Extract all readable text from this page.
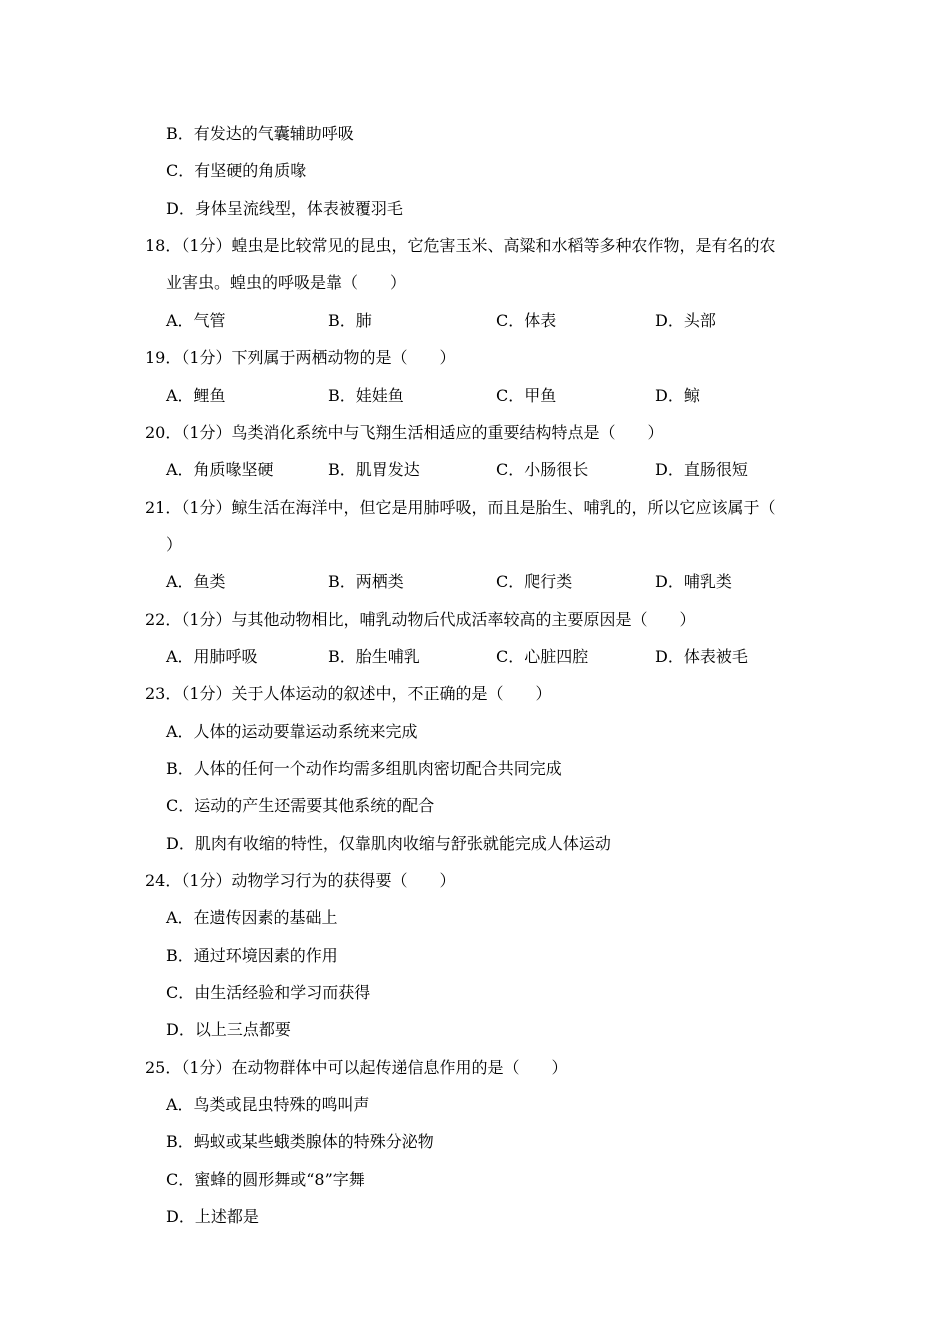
B．有发达的气囊辅助呼吸
C．有坚硬的角质喙
D．身体呈流线型，体表被覆羽毛
18．（1分）蝗虫是比较常见的昆虫，它危害玉米、高粱和水稻等多种农作物，是有名的农
业害虫。蝗虫的呼吸是靠（　　）
A．气管	B．肺	C．体表	D．头部
19．（1分）下列属于两栖动物的是（　　）
A．鲤鱼	B．娃娃鱼	C．甲鱼	D．鲸
20．（1分）鸟类消化系统中与飞翔生活相适应的重要结构特点是（　　）
A．角质喙坚硬	B．肌胃发达	C．小肠很长	D．直肠很短
21．（1分）鲸生活在海洋中，但它是用肺呼吸，而且是胎生、哺乳的，所以它应该属于（
）
A．鱼类	B．两栖类	C．爬行类	D．哺乳类
22．（1分）与其他动物相比，哺乳动物后代成活率较高的主要原因是（　　）
A．用肺呼吸	B．胎生哺乳	C．心脏四腔	D．体表被毛
23．（1分）关于人体运动的叙述中，不正确的是（　　）
A．人体的运动要靠运动系统来完成
B．人体的任何一个动作均需多组肌肉密切配合共同完成
C．运动的产生还需要其他系统的配合
D．肌肉有收缩的特性，仅靠肌肉收缩与舒张就能完成人体运动
24．（1分）动物学习行为的获得要（　　）
A．在遗传因素的基础上
B．通过环境因素的作用
C．由生活经验和学习而获得
D．以上三点都要
25．（1分）在动物群体中可以起传递信息作用的是（　　）
A．鸟类或昆虫特殊的鸣叫声
B．蚂蚁或某些蛾类腺体的特殊分泌物
C．蜜蜂的圆形舞或“8”字舞
D．上述都是
